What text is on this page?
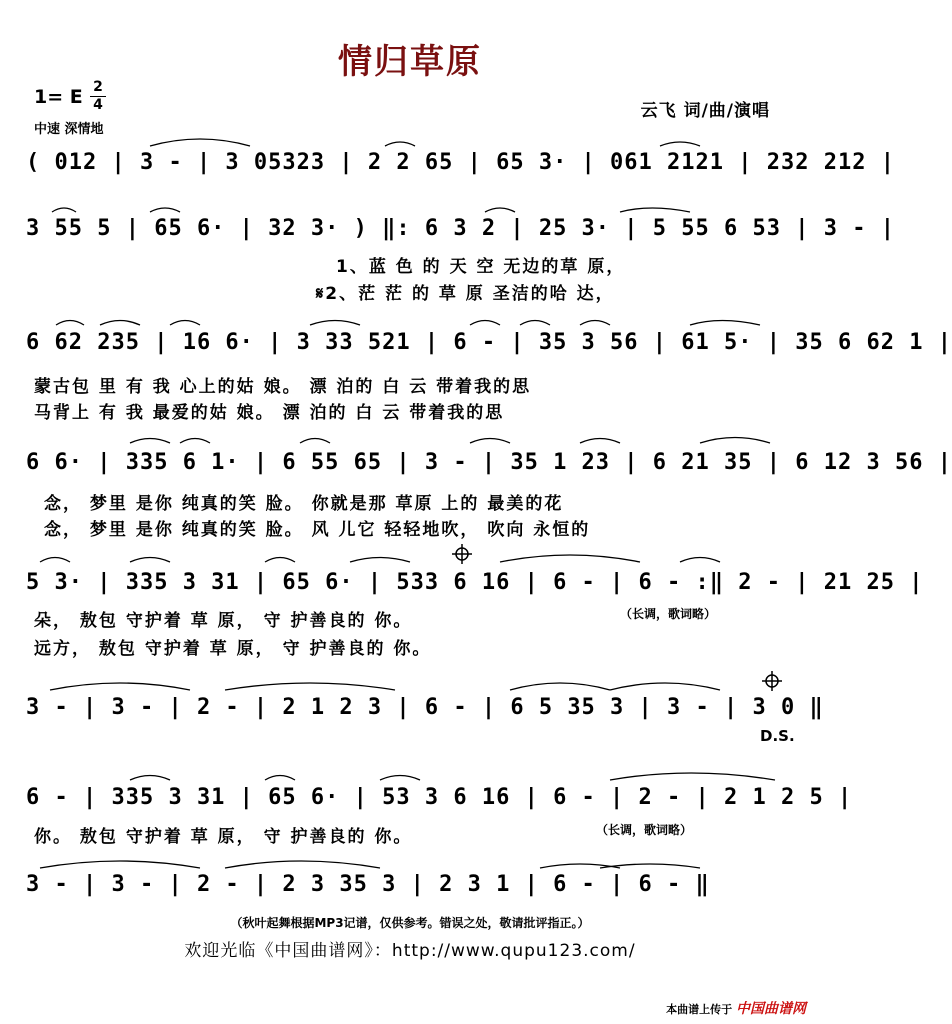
情归草原
1= E 2
4
中速 深情地
云飞 词/曲/演唱
( 012 | 3 - | 3 05323 | 2 2 65 | 65 3· | 061 2121 | 232 212 |
3 55 5 | 65 6· | 32 3· ) ‖: 6 3 2 | 25 3· | 5 55 6 53 | 3 - |
1、蓝 色 的 天 空 无边的草 原，
𝄋2、茫 茫 的 草 原 圣洁的哈 达，
6 62 235 | 16 6· | 3 33 521 | 6 - | 35 3 56 | 61 5· | 35 6 62 1 |
蒙古包 里 有 我 心上的姑 娘。 漂 泊的 白 云 带着我的思
马背上 有 我 最爱的姑 娘。 漂 泊的 白 云 带着我的思
6 6· | 335 6 1· | 6 55 65 | 3 - | 35 1 23 | 6 21 35 | 6 12 3 56 |
念， 梦里 是你 纯真的笑 脸。 你就是那 草原 上的 最美的花
念， 梦里 是你 纯真的笑 脸。 风 儿它 轻轻地吹， 吹向 永恒的
5 3· | 335 3 31 | 65 6· | 533 6 16 | 6 - | 6 - :‖ 2 - | 21 25 |
（长调，歌词略）
朵， 敖包 守护着 草 原， 守 护善良的 你。
远方， 敖包 守护着 草 原， 守 护善良的 你。
3 - | 3 - | 2 - | 2 1 2 3 | 6 - | 6 5 35 3 | 3 - | 3 0 ‖
D.S.
6 - | 335 3 31 | 65 6· | 53 3 6 16 | 6 - | 2 - | 2 1 2 5 |
你。 敖包 守护着 草 原， 守 护善良的 你。	（长调，歌词略）
3 - | 3 - | 2 - | 2 3 35 3 | 2 3 1 | 6 - | 6 - ‖
（秋叶起舞根据MP3记谱，仅供参考。错误之处，敬请批评指正。）
欢迎光临《中国曲谱网》：http://www.qupu123.com/
本曲谱上传于 中国曲谱网
